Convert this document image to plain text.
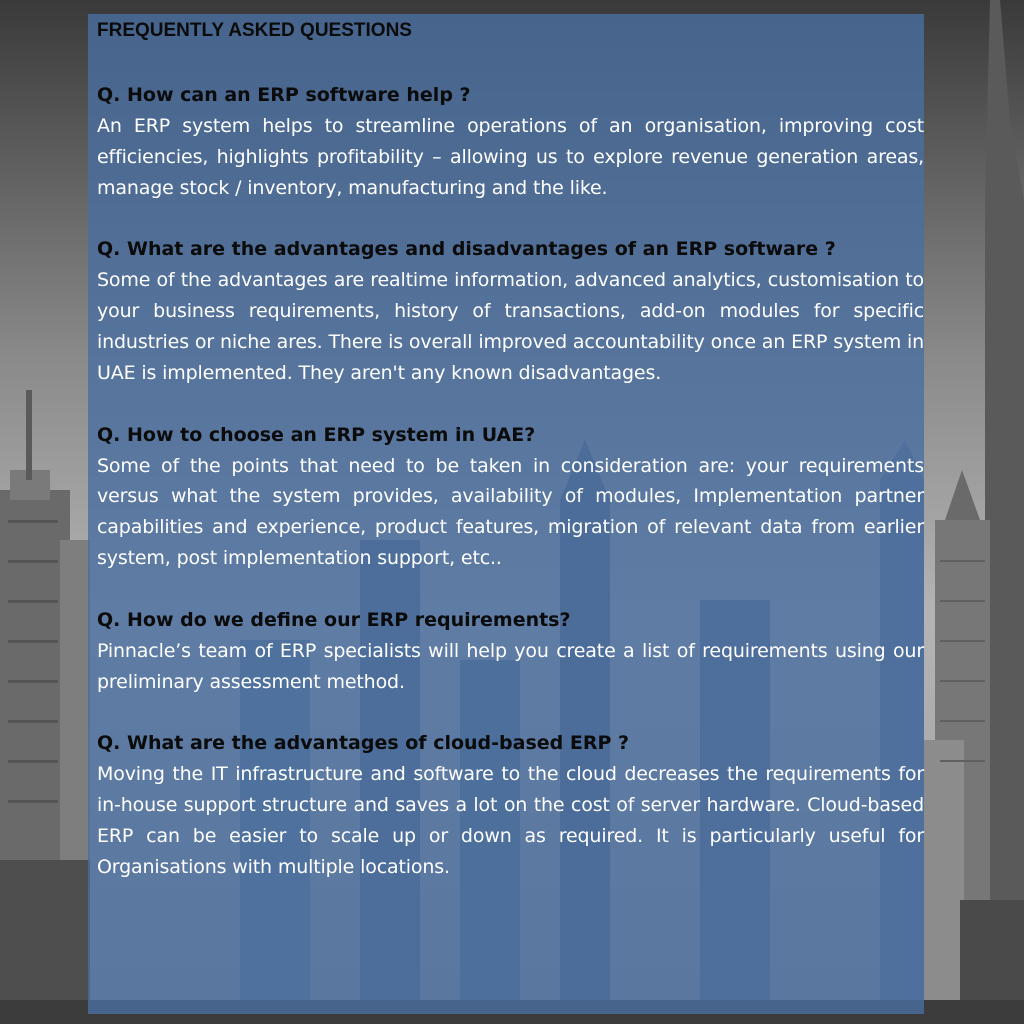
FREQUENTLY ASKED QUESTIONS

Q. How can an ERP software help ?

An ERP system helps to streamline operations of an organisation, improving cost efficiencies, highlights profitability – allowing us to explore revenue generation areas, manage stock / inventory, manufacturing and the like.

Q. What are the advantages and disadvantages of an ERP software ?

Some of the advantages are realtime information, advanced analytics, customisation to your business requirements, history of transactions, add-on modules for specific industries or niche ares. There is overall improved accountability once an ERP system in UAE is implemented. They aren't any known disadvantages.

Q. How to choose an ERP system in UAE?

Some of the points that need to be taken in consideration are: your requirements versus what the system provides, availability of modules, Implementation partner capabilities and experience, product features, migration of relevant data from earlier system, post implementation support, etc..

Q. How do we define our ERP requirements?

Pinnacle’s team of ERP specialists will help you create a list of requirements using our preliminary assessment method.

Q. What are the advantages of cloud-based ERP ?

Moving the IT infrastructure and software to the cloud decreases the requirements for in-house support structure and saves a lot on the cost of server hardware. Cloud-based ERP can be easier to scale up or down as required. It is particularly useful for Organisations with multiple locations.
